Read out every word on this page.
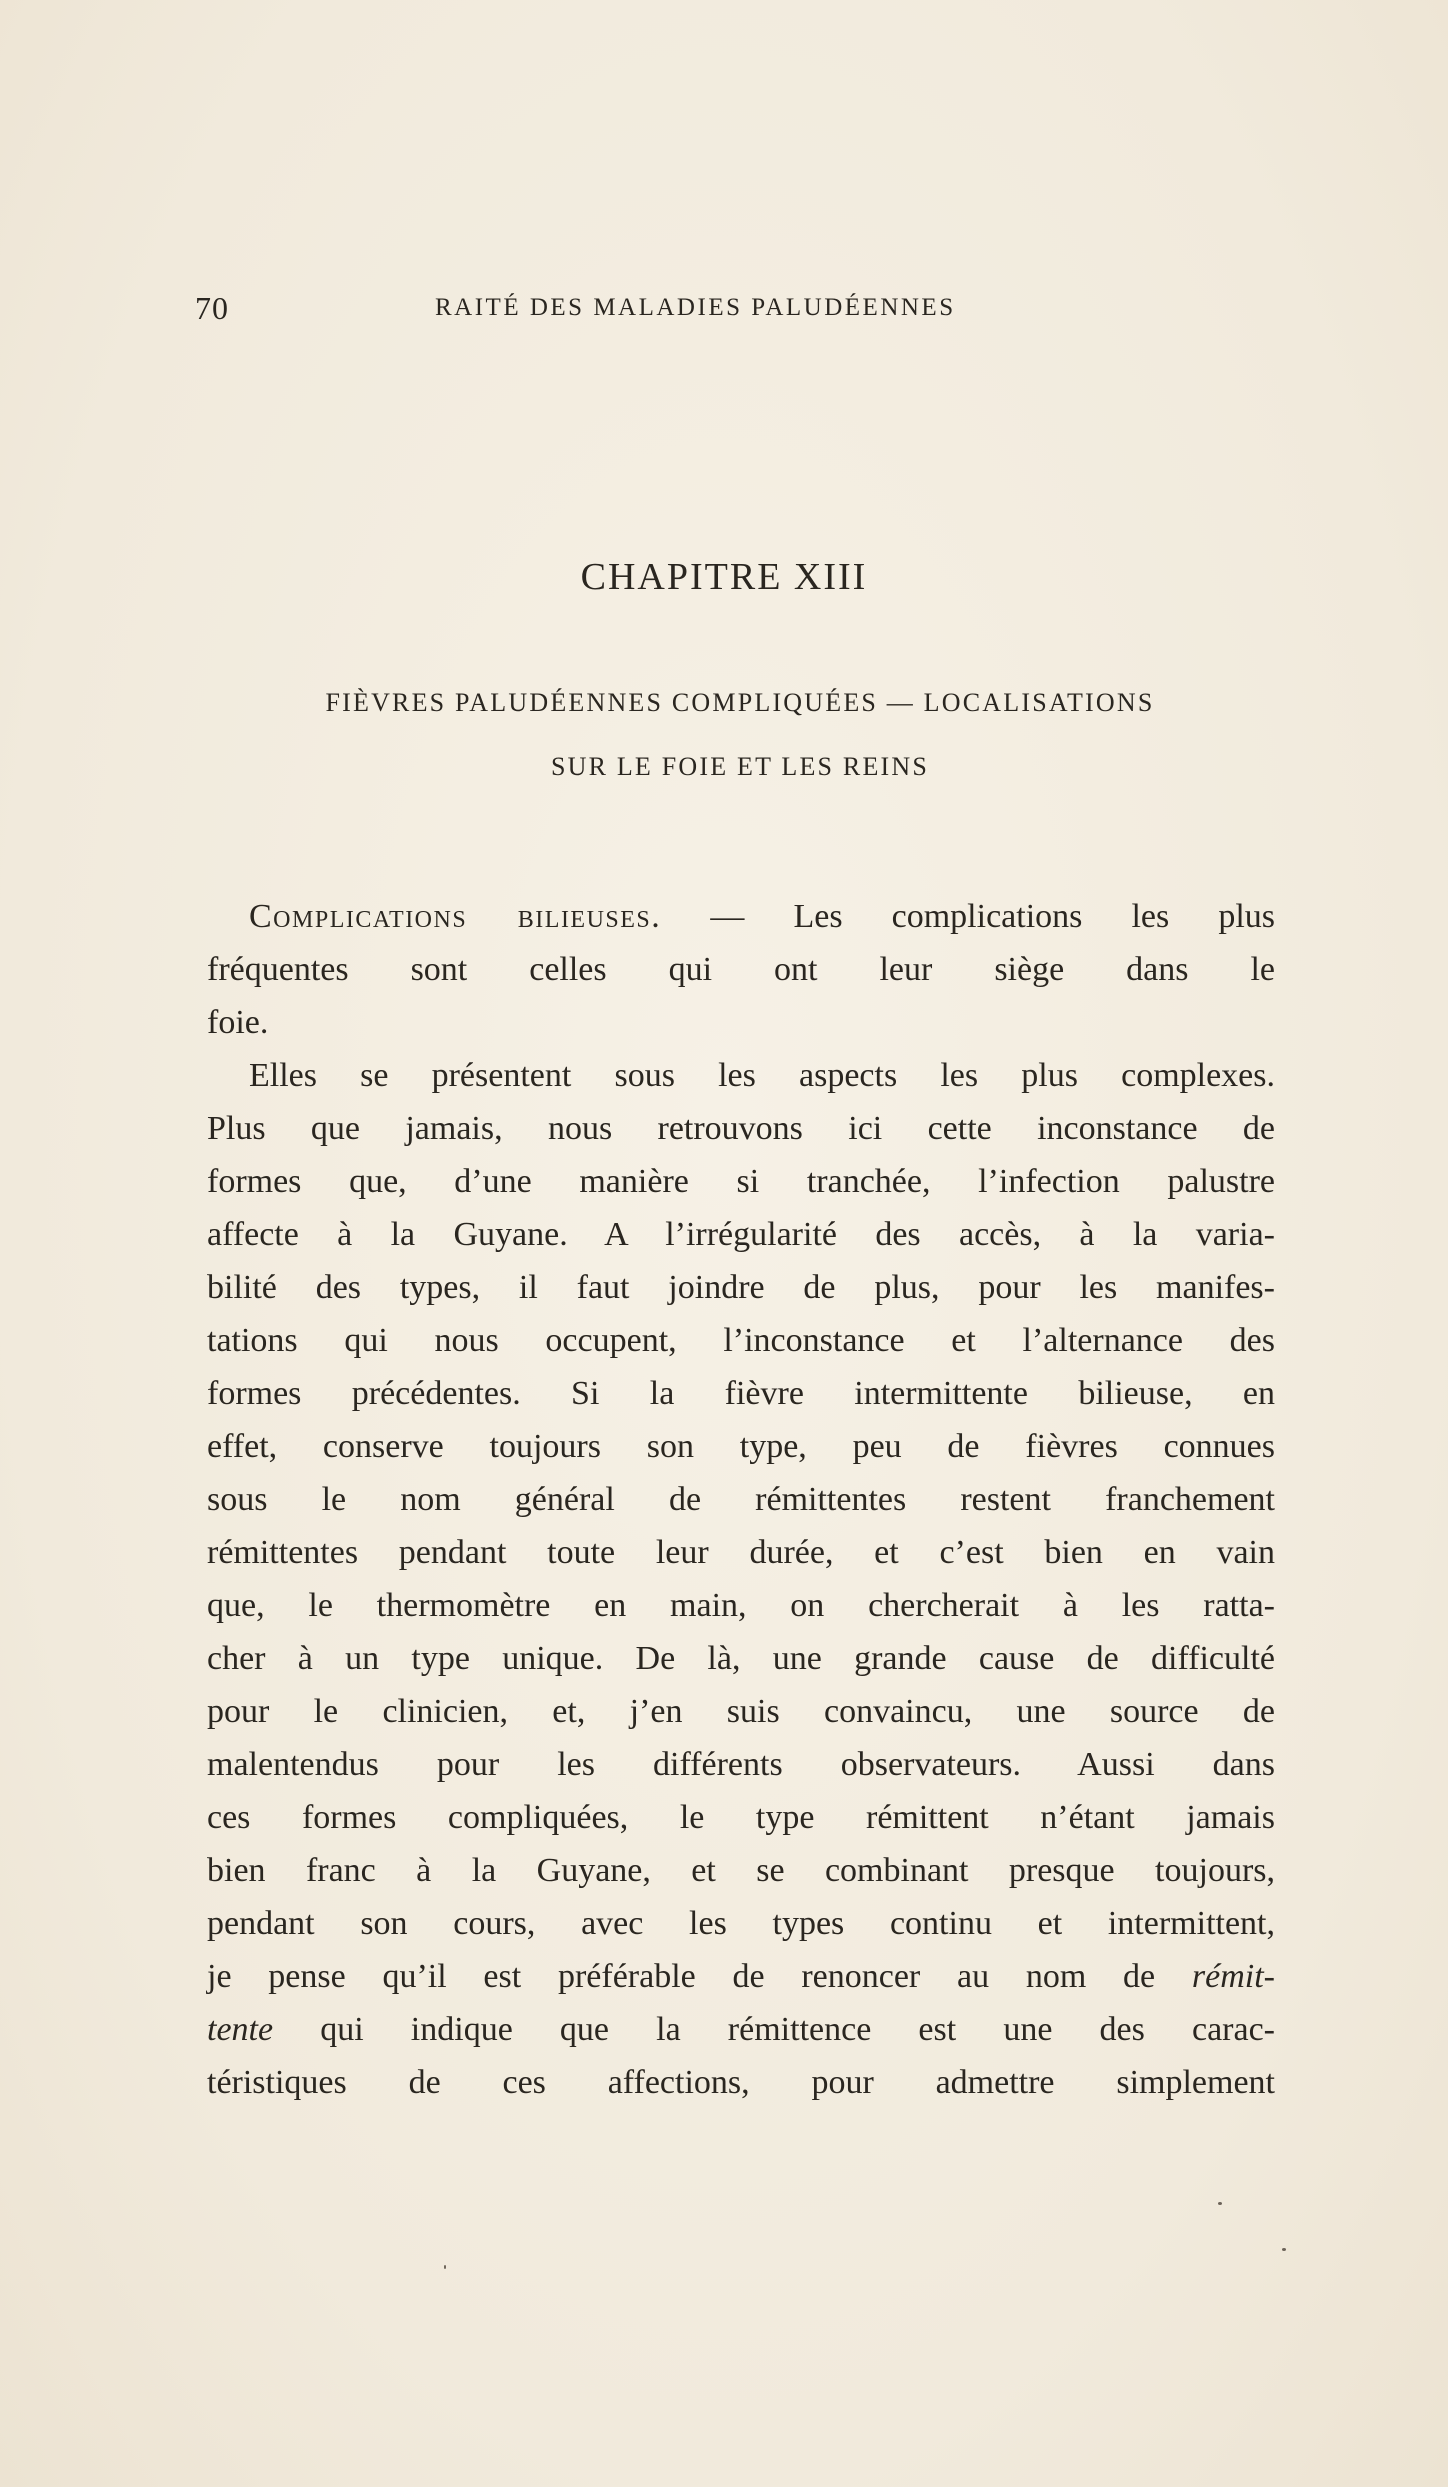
70	RAITÉ DES MALADIES PALUDÉENNES
CHAPITRE XIII
FIÈVRES PALUDÉENNES COMPLIQUÉES — LOCALISATIONS
SUR LE FOIE ET LES REINS
Complications bilieuses. — Les complications les plus
fréquentes sont celles qui ont leur siège dans le
foie.
Elles se présentent sous les aspects les plus complexes.
Plus que jamais, nous retrouvons ici cette inconstance de
formes que, d’une manière si tranchée, l’infection palustre
affecte à la Guyane. A l’irrégularité des accès, à la varia-
bilité des types, il faut joindre de plus, pour les manifes-
tations qui nous occupent, l’inconstance et l’alternance des
formes précédentes. Si la fièvre intermittente bilieuse, en
effet, conserve toujours son type, peu de fièvres connues
sous le nom général de rémittentes restent franchement
rémittentes pendant toute leur durée, et c’est bien en vain
que, le thermomètre en main, on chercherait à les ratta-
cher à un type unique. De là, une grande cause de difficulté
pour le clinicien, et, j’en suis convaincu, une source de
malentendus pour les différents observateurs. Aussi dans
ces formes compliquées, le type rémittent n’étant jamais
bien franc à la Guyane, et se combinant presque toujours,
pendant son cours, avec les types continu et intermittent,
je pense qu’il est préférable de renoncer au nom de rémit-
tente qui indique que la rémittence est une des carac-
téristiques de ces affections, pour admettre simplement
